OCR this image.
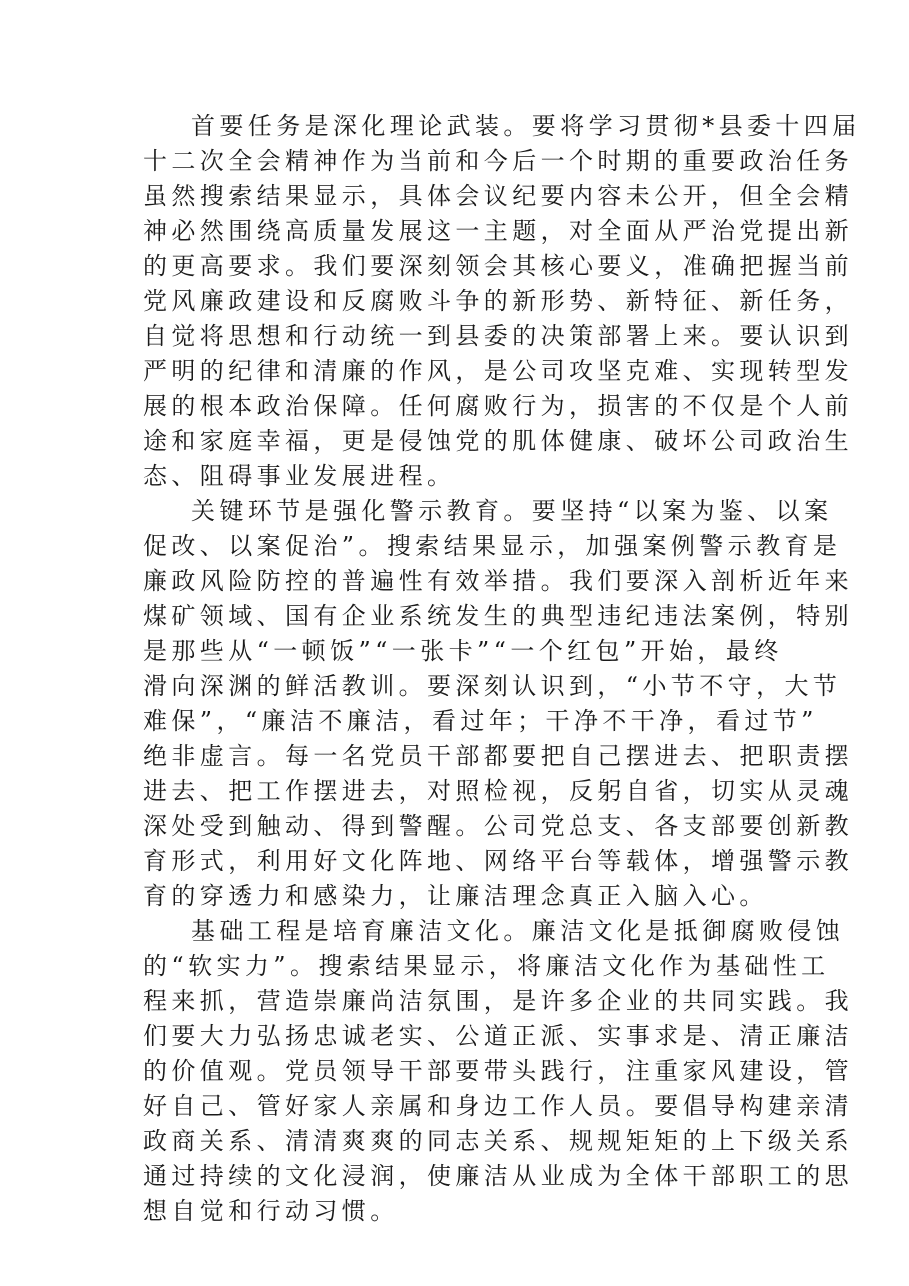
首要任务是深化理论武装。要将学习贯彻*县委十四届
十二次全会精神作为当前和今后一个时期的重要政治任务
虽然搜索结果显示，具体会议纪要内容未公开，但全会精
神必然围绕高质量发展这一主题，对全面从严治党提出新
的更高要求。我们要深刻领会其核心要义，准确把握当前
党风廉政建设和反腐败斗争的新形势、新特征、新任务，
自觉将思想和行动统一到县委的决策部署上来。要认识到
严明的纪律和清廉的作风，是公司攻坚克难、实现转型发
展的根本政治保障。任何腐败行为，损害的不仅是个人前
途和家庭幸福，更是侵蚀党的肌体健康、破坏公司政治生
态、阻碍事业发展进程。
关键环节是强化警示教育。要坚持“以案为鉴、以案
促改、以案促治”。搜索结果显示，加强案例警示教育是
廉政风险防控的普遍性有效举措。我们要深入剖析近年来
煤矿领域、国有企业系统发生的典型违纪违法案例，特别
是那些从“一顿饭”“一张卡”“一个红包”开始，最终
滑向深渊的鲜活教训。要深刻认识到，“小节不守，大节
难保”，“廉洁不廉洁，看过年；干净不干净，看过节”
绝非虚言。每一名党员干部都要把自己摆进去、把职责摆
进去、把工作摆进去，对照检视，反躬自省，切实从灵魂
深处受到触动、得到警醒。公司党总支、各支部要创新教
育形式，利用好文化阵地、网络平台等载体，增强警示教
育的穿透力和感染力，让廉洁理念真正入脑入心。
基础工程是培育廉洁文化。廉洁文化是抵御腐败侵蚀
的“软实力”。搜索结果显示，将廉洁文化作为基础性工
程来抓，营造崇廉尚洁氛围，是许多企业的共同实践。我
们要大力弘扬忠诚老实、公道正派、实事求是、清正廉洁
的价值观。党员领导干部要带头践行，注重家风建设，管
好自己、管好家人亲属和身边工作人员。要倡导构建亲清
政商关系、清清爽爽的同志关系、规规矩矩的上下级关系
通过持续的文化浸润，使廉洁从业成为全体干部职工的思
想自觉和行动习惯。
